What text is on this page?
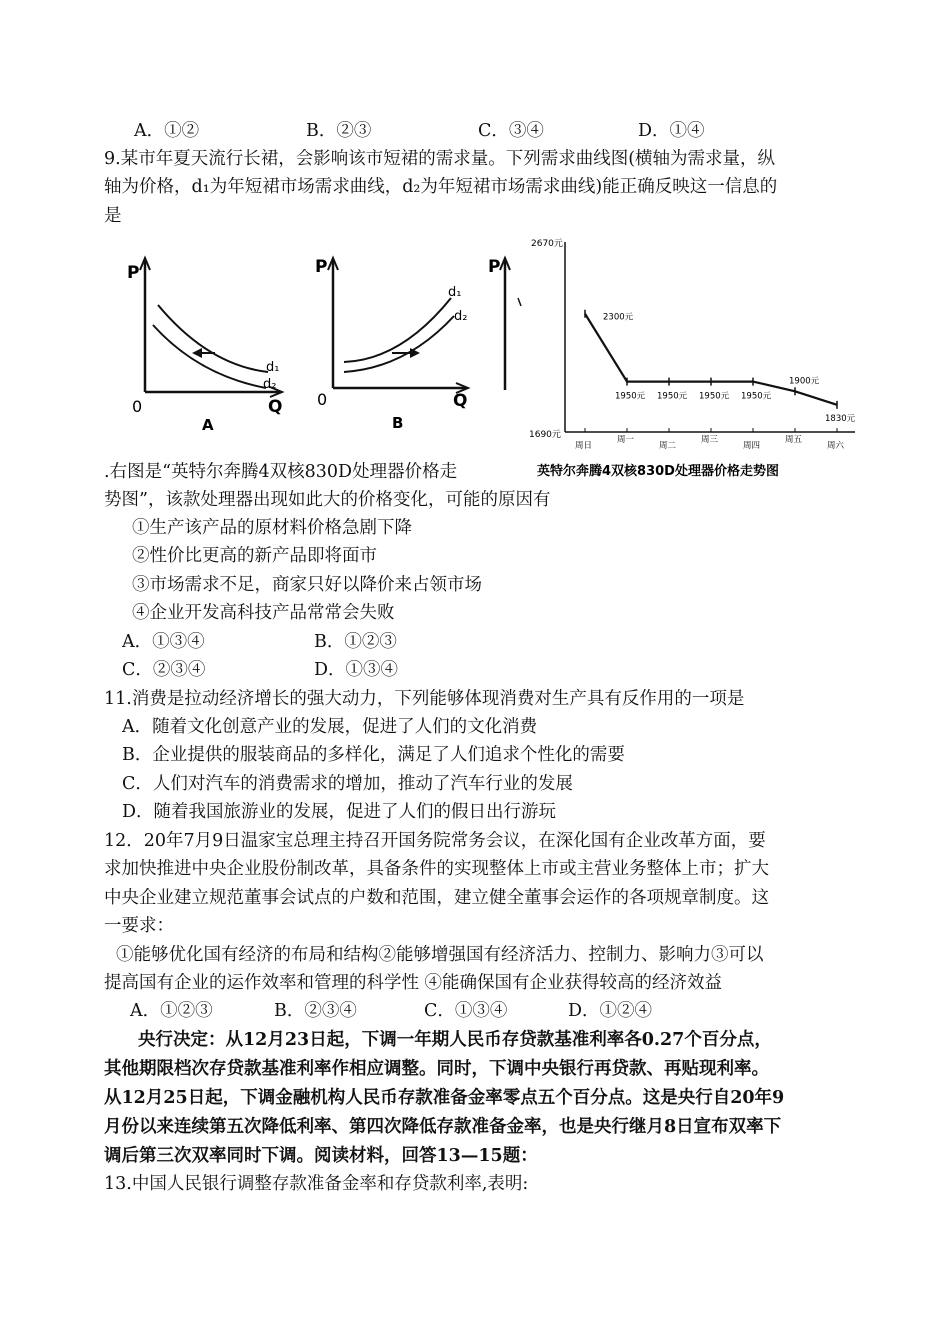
A．①②	B．②③	C．③④	D．①④
9.某市年夏天流行长裙，会影响该市短裙的需求量。下列需求曲线图(横轴为需求量，纵
轴为价格，d₁为年短裙市场需求曲线，d₂为年短裙市场需求曲线)能正确反映这一信息的
是
P
d₁
d₂
Q
0
A
P
d₁
d₂
Q
0
B
P
2670元
1690元
1950元 1950元 1950元 1950元
1900元
1830元
2300元
周日
周一
周二
周三
周四
周五
周六
英特尔奔腾4双核830D处理器价格走势图
.右图是“英特尔奔腾4双核830D处理器价格走
势图”，该款处理器出现如此大的价格变化，可能的原因有
①生产该产品的原材料价格急剧下降
②性价比更高的新产品即将面市
③市场需求不足，商家只好以降价来占领市场
④企业开发高科技产品常常会失败
A．①③④	B．①②③
C．②③④	D．①③④
11.消费是拉动经济增长的强大动力，下列能够体现消费对生产具有反作用的一项是
A．随着文化创意产业的发展，促进了人们的文化消费
B．企业提供的服装商品的多样化，满足了人们追求个性化的需要
C．人们对汽车的消费需求的增加，推动了汽车行业的发展
D．随着我国旅游业的发展，促进了人们的假日出行游玩
12．20年7月9日温家宝总理主持召开国务院常务会议，在深化国有企业改革方面，要
求加快推进中央企业股份制改革，具备条件的实现整体上市或主营业务整体上市；扩大
中央企业建立规范董事会试点的户数和范围，建立健全董事会运作的各项规章制度。这
一要求：
①能够优化国有经济的布局和结构②能够增强国有经济活力、控制力、影响力③可以
提高国有企业的运作效率和管理的科学性 ④能确保国有企业获得较高的经济效益
A．①②③	B．②③④	C．①③④	D．①②④
央行决定：从12月23日起，下调一年期人民币存贷款基准利率各0.27个百分点，
其他期限档次存贷款基准利率作相应调整。同时，下调中央银行再贷款、再贴现利率。
从12月25日起，下调金融机构人民币存款准备金率零点五个百分点。这是央行自20年9
月份以来连续第五次降低利率、第四次降低存款准备金率，也是央行继月8日宣布双率下
调后第三次双率同时下调。阅读材料，回答13—15题：
13.中国人民银行调整存款准备金率和存贷款利率,表明:
